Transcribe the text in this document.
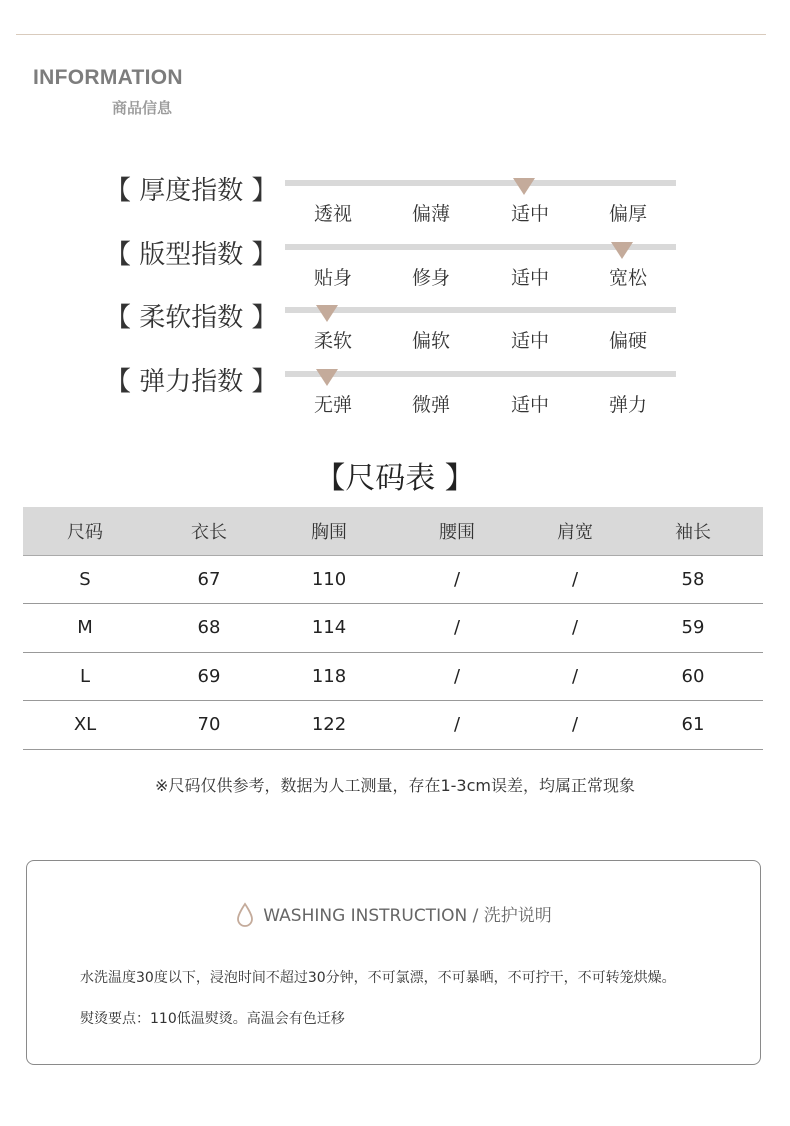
INFORMATION
商品信息
【 厚度指数 】
透视	偏薄	适中	偏厚
【 版型指数 】
贴身	修身	适中	宽松
【 柔软指数 】
柔软	偏软	适中	偏硬
【 弹力指数 】
无弹	微弹	适中	弹力
【尺码表 】
尺码	衣长	胸围	腰围	肩宽	袖长
S	67	110	/	/	58
M	68	114	/	/	59
L	69	118	/	/	60
XL	70	122	/	/	61
※尺码仅供参考，数据为人工测量，存在1-3cm误差，均属正常现象
WASHING INSTRUCTION / 洗护说明
水洗温度30度以下，浸泡时间不超过30分钟，不可氯漂，不可暴晒，不可拧干，不可转笼烘燥。
熨烫要点：110低温熨烫。高温会有色迁移
